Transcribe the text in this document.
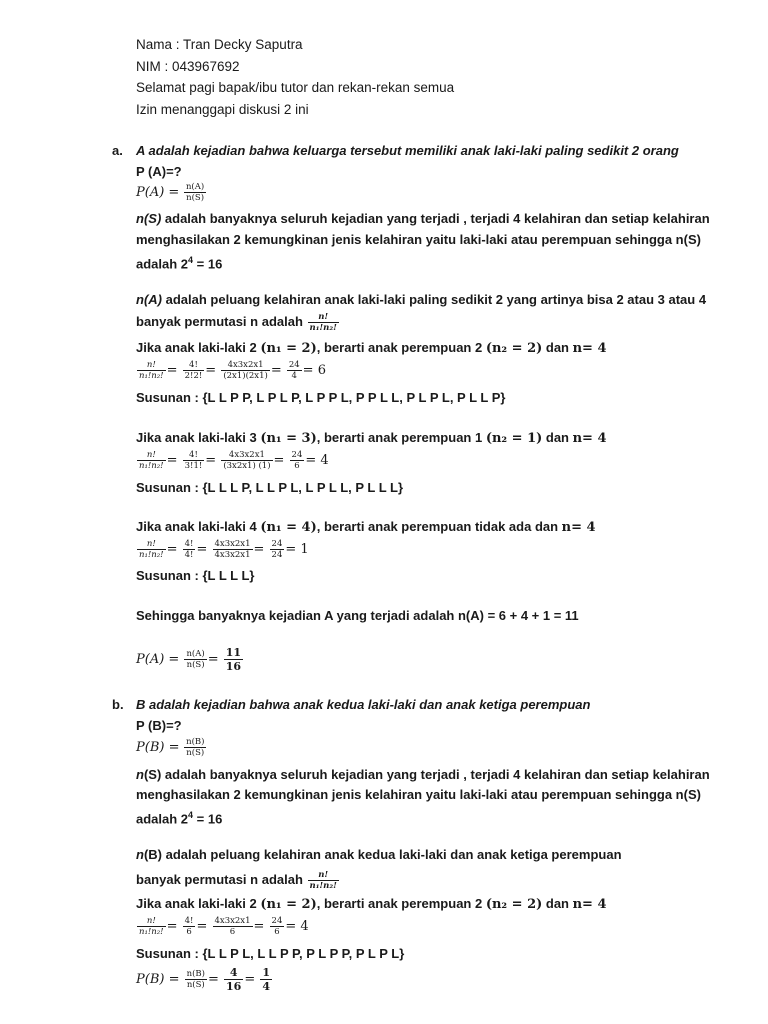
Nama : Tran Decky Saputra
NIM : 043967692
Selamat pagi bapak/ibu tutor dan rekan-rekan semua
Izin menanggapi diskusi 2 ini
a. A adalah kejadian bahwa keluarga tersebut memiliki anak laki-laki paling sedikit 2 orang
P (A)=?
$P(A) = \frac{n(A)}{n(S)}$
n(S) adalah banyaknya seluruh kejadian yang terjadi , terjadi 4 kelahiran dan setiap kelahiran
menghasilakan 2 kemungkinan jenis kelahiran yaitu laki-laki atau perempuan sehingga n(S)
adalah $2^4 = 16$
n(A) adalah peluang kelahiran anak laki-laki paling sedikit 2 yang artinya bisa 2 atau 3 atau 4
banyak permutasi n adalah $\frac{n!}{\text{n₁!n₂!}}$
Jika anak laki-laki 2 (n₁ = 2), berarti anak perempuan 2 (n₂ = 2) dan n= 4
$\frac{n!}{\text{n₁!n₂!}} = \frac{4!}{2!2!} = \frac{4x3x2x1}{(2x1)(2x1)} = \frac{24}{4} = 6$
Susunan : {L L P P, L P L P, L P P L, P P L L, P L P L, P L L P}
Jika anak laki-laki 3 (n₁ = 3), berarti anak perempuan 1 (n₂ = 1) dan n= 4
$\frac{n!}{\text{n₁!n₂!}} = \frac{4!}{3!1!} = \frac{4x3x2x1}{(3x2x1) (1)} = \frac{24}{6} = 4$
Susunan : {L L L P, L L P L, L P L L, P L L L}
Jika anak laki-laki 4 (n₁ = 4), berarti anak perempuan tidak ada dan n= 4
$\frac{n!}{\text{n₁!n₂!}} = \frac{4!}{4!} = \frac{4x3x2x1}{4x3x2x1} = \frac{24}{24} = 1$
Susunan : {L L L L}
Sehingga banyaknya kejadian A yang terjadi adalah n(A) = 6 + 4 + 1 = 11
$P(A) = \frac{n(A)}{n(S)} = \frac{11}{16}$
b. B adalah kejadian bahwa anak kedua laki-laki dan anak ketiga perempuan
P (B)=?
$P(B) = \frac{n(B)}{n(S)}$
n(S) adalah banyaknya seluruh kejadian yang terjadi , terjadi 4 kelahiran dan setiap kelahiran
menghasilakan 2 kemungkinan jenis kelahiran yaitu laki-laki atau perempuan sehingga n(S)
adalah $2^4 = 16$
n(B) adalah peluang kelahiran anak kedua laki-laki dan anak ketiga perempuan
banyak permutasi n adalah $\frac{n!}{\text{n₁!n₂!}}$
Jika anak laki-laki 2 (n₁ = 2), berarti anak perempuan 2 (n₂ = 2) dan n= 4
$\frac{n!}{\text{n₁!n₂!}} = \frac{4!}{6} = \frac{4x3x2x1}{6} = \frac{24}{6} = 4$
Susunan : {L L P L, L L P P, P L P P, P L P L}
$P(B) = \frac{n(B)}{n(S)} = \frac{4}{16} = \frac{1}{4}$
